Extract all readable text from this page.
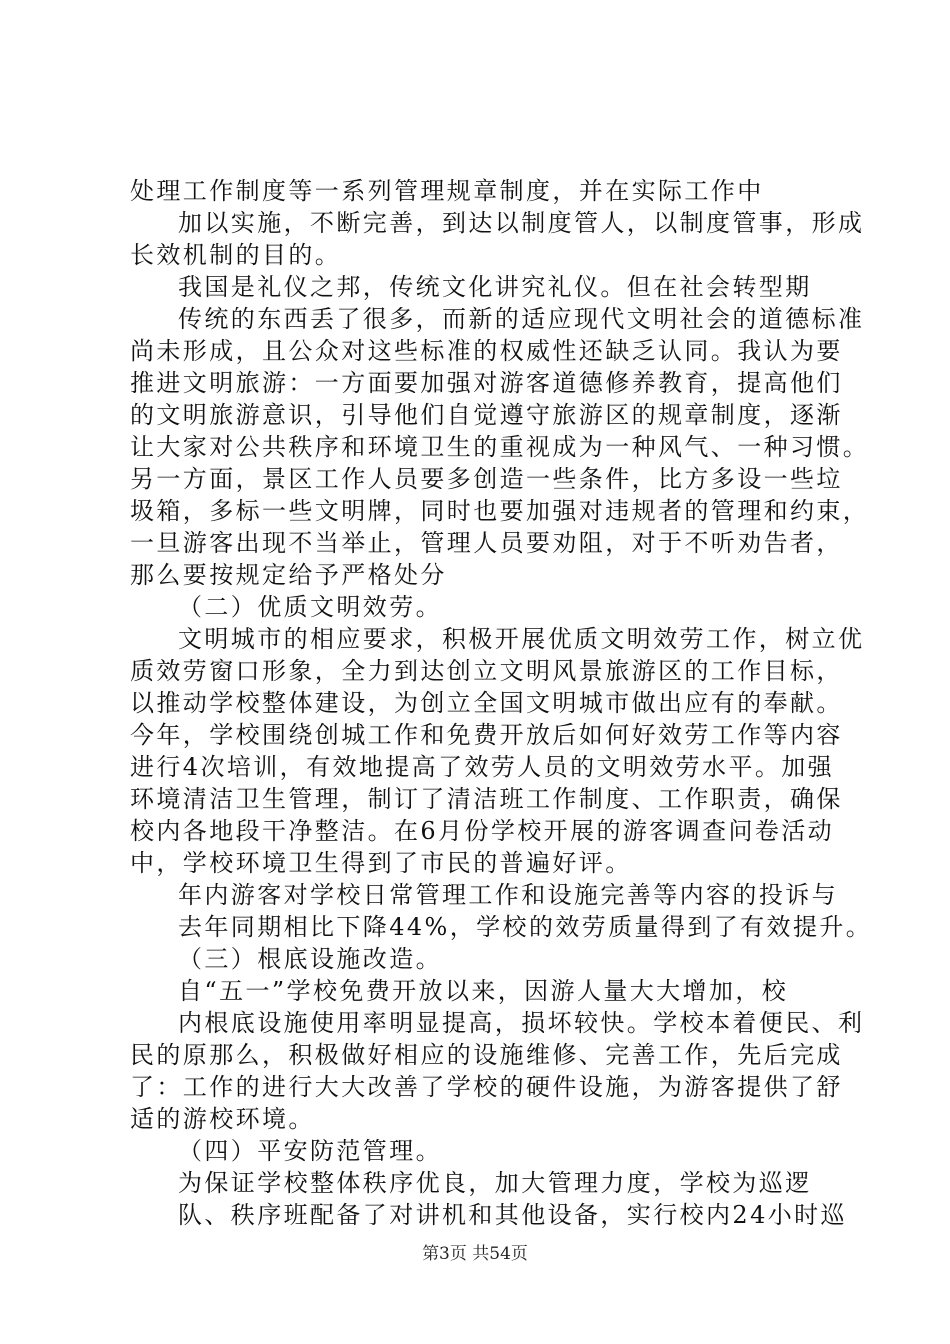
处理工作制度等一系列管理规章制度，并在实际工作中
加以实施，不断完善，到达以制度管人，以制度管事，形成
长效机制的目的。
我国是礼仪之邦，传统文化讲究礼仪。但在社会转型期
传统的东西丢了很多，而新的适应现代文明社会的道德标准
尚未形成，且公众对这些标准的权威性还缺乏认同。我认为要
推进文明旅游：一方面要加强对游客道德修养教育，提高他们
的文明旅游意识，引导他们自觉遵守旅游区的规章制度，逐渐
让大家对公共秩序和环境卫生的重视成为一种风气、一种习惯。
另一方面，景区工作人员要多创造一些条件，比方多设一些垃
圾箱，多标一些文明牌，同时也要加强对违规者的管理和约束，
一旦游客出现不当举止，管理人员要劝阻，对于不听劝告者，
那么要按规定给予严格处分
（二）优质文明效劳。
文明城市的相应要求，积极开展优质文明效劳工作，树立优
质效劳窗口形象，全力到达创立文明风景旅游区的工作目标，
以推动学校整体建设，为创立全国文明城市做出应有的奉献。
今年，学校围绕创城工作和免费开放后如何好效劳工作等内容
进行4次培训，有效地提高了效劳人员的文明效劳水平。加强
环境清洁卫生管理，制订了清洁班工作制度、工作职责，确保
校内各地段干净整洁。在6月份学校开展的游客调查问卷活动
中，学校环境卫生得到了市民的普遍好评。
年内游客对学校日常管理工作和设施完善等内容的投诉与
去年同期相比下降44%，学校的效劳质量得到了有效提升。
（三）根底设施改造。
自“五一”学校免费开放以来，因游人量大大增加，校
内根底设施使用率明显提高，损坏较快。学校本着便民、利
民的原那么，积极做好相应的设施维修、完善工作，先后完成
了：工作的进行大大改善了学校的硬件设施，为游客提供了舒
适的游校环境。
（四）平安防范管理。
为保证学校整体秩序优良，加大管理力度，学校为巡逻
队、秩序班配备了对讲机和其他设备，实行校内24小时巡
第3页 共54页
